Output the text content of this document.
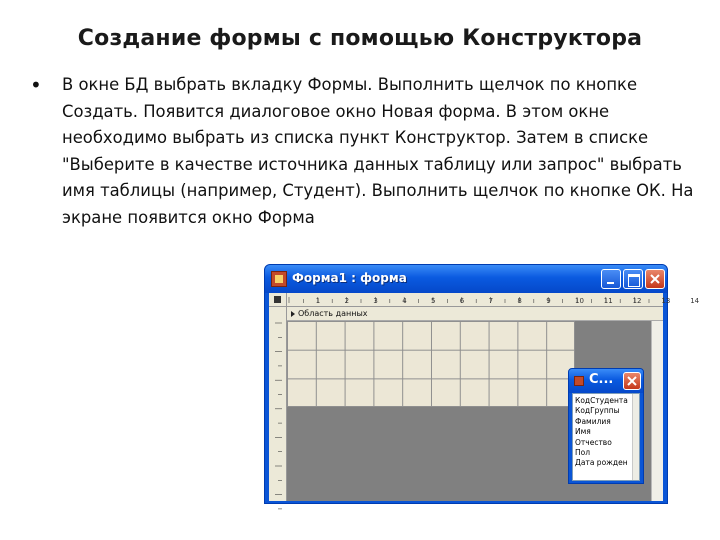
Создание формы с помощью Конструктора
• В окне БД выбрать вкладку Формы. Выполнить щелчок по кнопке Создать. Появится диалоговое окно Новая форма. В этом окне необходимо выбрать из списка пункт Конструктор. Затем в списке "Выберите в качестве источника данных таблицу или запрос" выбрать имя таблицы (например, Студент). Выполнить щелчок по кнопке ОК. На экране появится окно Форма
Форма1 : форма
1	2	3	4	5	6	7	8	9	10	11	12	13	14
Область данных
С...
КодСтудента
КодГруппы
Фамилия
Имя
Отчество
Пол
Дата рожден
